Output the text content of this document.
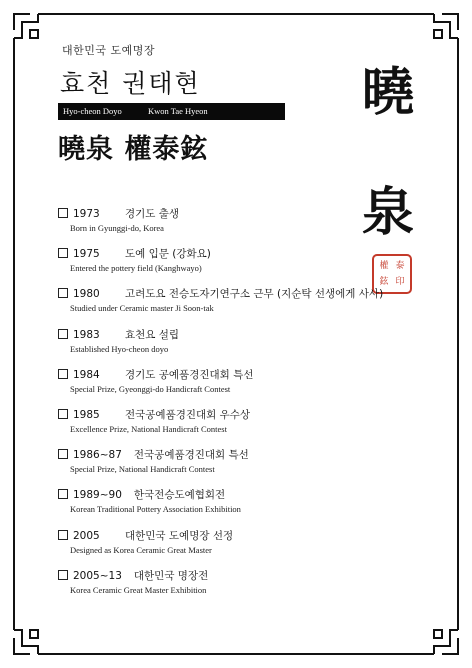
대한민국 도예명장
효천 권태현
Hyo-cheon Doyo	Kwon Tae Hyeon
曉泉 權泰鉉
曉
泉
權 泰
鉉 印
1973 경기도 출생
Born in Gyunggi-do, Korea
1975 도예 입문 (강화요)
Entered the pottery field (Kanghwayo)
1980 고려도요 전승도자기연구소 근무 (지순탁 선생에게 사사)
Studied under Ceramic master Ji Soon-tak
1983 효천요 설립
Established Hyo-cheon doyo
1984 경기도 공예품경진대회 특선
Special Prize, Gyeonggi-do Handicraft Contest
1985 전국공예품경진대회 우수상
Excellence Prize, National Handicraft Contest
1986~87 전국공예품경진대회 특선
Special Prize, National Handicraft Contest
1989~90 한국전승도예협회전
Korean Traditional Pottery Association Exhibition
2005 대한민국 도예명장 선정
Designed as Korea Ceramic Great Master
2005~13 대한민국 명장전
Korea Ceramic Great Master Exhibition
